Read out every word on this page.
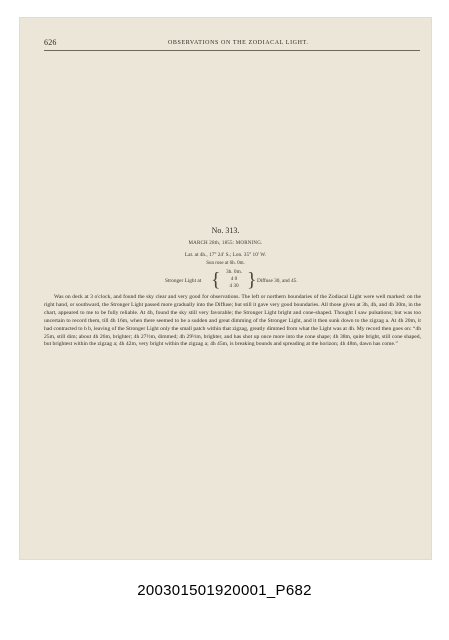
626	OBSERVATIONS ON THE ZODIACAL LIGHT.
No. 313.
MARCH 28th, 1855: MORNING.
Lat. at 4h., 17° 24′ S.; Lon. 35° 10′ W.
Sun rose at 6h. 0m.
Stronger Light at {	3h. 0m.
4 0
4 30 } Diffuse 30, and 45.
Was on deck at 3 o'clock, and found the sky clear and very good for observations. The left or northern boundaries of the Zodiacal Light were well marked: on the right hand, or southward, the Stronger Light passed more gradually into the Diffuse; but still it gave very good boundaries. All those given at 3h, 4h, and 4h 30m, in the chart, appeared to me to be fully reliable. At 4h, found the sky still very favorable; the Stronger Light bright and cone-shaped. Thought I saw pulsations; but was too uncertain to record them, till 4h 16m, when there seemed to be a sudden and great dimming of the Stronger Light, and it then sunk down to the zigzag a. At 4h 20m, it had contracted to b b, leaving of the Stronger Light only the small patch within that zigzag, greatly dimmed from what the Light was at 4h. My record then goes on: “4h 25m, still dim; about 4h 26m, brighter; 4h 27½m, dimmed; 4h 29½m, brighter, and has shot up once more into the cone shape; 4h 38m, quite bright, still cone shaped, but brightest within the zigzag a; 4h 42m, very bright within the zigzag a; 4h 45m, is breaking bounds and spreading at the horizon; 4h 48m, dawn has come.”
200301501920001_P682
